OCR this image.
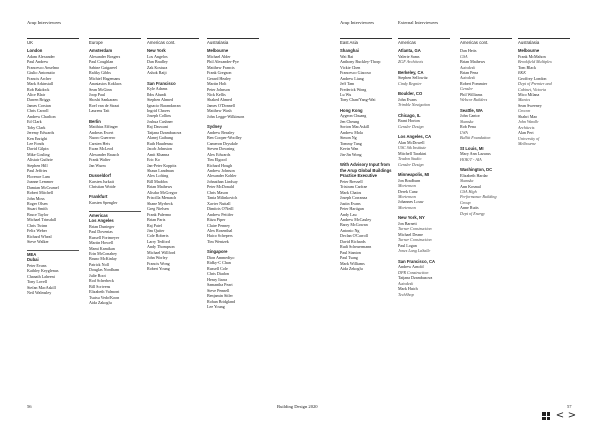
Arup Interviewees	Arup Interviewees	External Interviewees
UK
London
Adam Alexander
Paul Andrew
Francesco Anselmo
Giulio Antonutto
Francis Archer
Mark Arkinstall
Rob Bakdock
Alice Blair
Darren Briggs
James Corstan
Chris Carroll
Andrew Charlton
Ed Clark
Toby Clark
Jeremy Edwards
Ken Enright
Lee Fonds
David Gilpin
Mike Gosling
Alistair Guthrie
Stephen Hill
Paul Jeffries
Florence Lam
Joanne Lemmer
Damian McCrumel
Robert Mitchell
John Moss
Roger Olsen
Stuart Smith
Bruce Taylor
Michael Trinsdall
Chris Twinn
Felix Weber
Richard Wheal
Steve Walker
MEA
Dubai
Peter Evans
Kathley Keyglenus
Chanath Laheeni
Tony Lovell
Stefan MacAskill
Neil Walmsley
Europe
Amsterdam
Alexander Bosgers
Paul Coughlan
Sabine Gatgareel
Rafiky Gibbs
Michiel Hagemans
Anastasios Koklaos
Sean McGinn
Joop Paul
Shoshi Sankaram
Roel van de Straat
Laurens Tait
Berlin
Matthias Effinger
Andreas Ewert
Nuoro Guerrero
Carsten Heis
Ewan McLeod
Alexander Rausch
Frank Walter
Jan Wurm
Dusseldorf
Karsten Jurkait
Christian Woide
Frankfurt
Karsten Spengler
Americas
Los Angeles
Brian Dunieger
Paul Dovenias
Russell Fortmeyer
Martin Howell
Mami Kamikan
Erin McConahey
Bruno McKinlay
Patrick Noll
Douglas Nordham
Julie Root
Rod Scherbeck
Bill Scrivens
Elizabeth Valmont
Tsutsu Vedo/Koon
Aida Zakoglu
Americas cont.
New York
Los Angelos
Dan Bradley
Zak Kostura
Ashok Raiji
San Francisco
Kyle Adams
Ibbs Afundi
Stephen Ahmed
Ignacio Barandarran
Ingrid Chaves
Joseph Collins
Joshua Cushner
Raj Daswani
Tatjana Dzambazova
Alanej Gaibung
Ruth Haudenau
Jacob Johnston
Amit Khanna
Eric Ko
Jan-Peter Koppitz
Shaun Landman
Alex Lofting
Bill Maddox
Brian Mathews
Alisdar McGregor
Priscilla Menasch
Shane Myrbeck
Greg Nielsen
Frank Palermo
Brian Paris
Raj Patel
Jim Quiter
Cole Roberts
Larry Tedford
Andy Thompson
Michael Willford
John Worley
Francis Wong
Robert Young
Australasia
Melbourne
Michael Alder
Phil Alexander-Pye
Matthew Francis
Frank Gregson
Gerard Healey
Martin Holt
Peter Johnson
Nick Kellis
Shaked Ahmed
James O'Donnell
Matthew Wash
John Legge-Wilkinson
Sydney
Andrew Beazley
Ben Cooper-Woolley
Cameron Drysdale
Steven Downing
Alex Edwards
Tim Elgood
Richard Hough
Andrew Johnson
Alexander Kohler
Johnathan Lindsay
Peter McDonald
Chris Mason
Tania Milinkovich
Xavier Nuttall
Dimitris O'Neill
Andrew Pettifer
Ritza Piper
Claire Penney
Alex Rosenthal
Haico Schepers
Tim Wentzek
Singapore
Dion Ammedtyo
Ridky-C Chan
Russell Cole
Chris Diadon
Henry Itarra
Samantha Peart
Steve Pennell
Benjamin Sitler
Rohan Bridgland
Lee Young
East Asia
Shanghai
Wai Bai
Anthony Buckley-Thorp
Vickie Chen
Francesco Giacoso
Andrew Liang
Jeff Tam
Frederick Wong
Lu Wu
Tony Chan/Yang-Wai
Hong Kong
Aygeon Chuang
Jen Cheung
Sorton MacAskill
Andrew Mola
Simon Ng
Tommy Tang
Kevin Wan
Jin-Jin Wong
With Advisory Input from the Arup Global Buildings Practice Executive
Peter Bressell
Tristram Carfrae
Mark Chaios
Joseph Corranza
Justin Evans
Peter Hartigan
Andy Lau
Andrew McCauley
Barry McGowan
Antonio Ng
Declan O'Carroll
David Richards
Rudi Scheuermann
Paul Stanton
Paul Tsang
Mark Williams
Aida Zekoglu
Americas
Atlanta, GA
Valerie Sams
ZGF Architects
Berkeley, CA
Stephen Sellowitz
Cindy Regnier
Boulder, CO
John Evans
Trimble Navigation
Chicago, IL
Brant Horton
Gensler Design
Los Angeles, CA
Alan McDowell
USC Stk Institute
Mitchell Tarakini
Teadon Studio
Gensler Design
Minneapolis, MI
Jon Bradburn
Mortenson
Derek Cunz
Mortenson
Johannes Louw
Mortenson
New York, NY
Jon Barnett
Turner Construction
Michael Deane
Turner Construction
Paul Logan
Jones Lang LaSalle
San Francisco, CA
Andrew Arnold
DPR Construction
Tatjana Dzambazova
Autodesk
Mark Hatch
TechShop
Americas cont.
Dan Hetts
GSA
Brian Mathews
Autodesk
Brian Pena
Autodesk
Robert Pommier
Gensler
Phil Williams
Webcor Builders
Seattle, WA
John Cantor
Skanska
Rob Pena
LWA
Bullitt Foundation
St Louis, MI
Mary Ann Lazarus
HOK/T - AIA
Washington, DC
Elizabeth Hardar
Skanska
Ann Kosmal
GSA High
Performance Building
Group
Anne Rutts
Dept of Energy
Australasia
Melbourne
Frank McMahon
Brookfield Multiplex
Tom Black
BKK
Geoffrey London
Dept of Premier and
Cabinet, Victoria
Mico Milana
Manics
Sean Sweeney
Grocon
Shahri Mao
John Wardle
Architects
Alan Pert
University of
Melbourne
56	Building Design 2020	57
< >
